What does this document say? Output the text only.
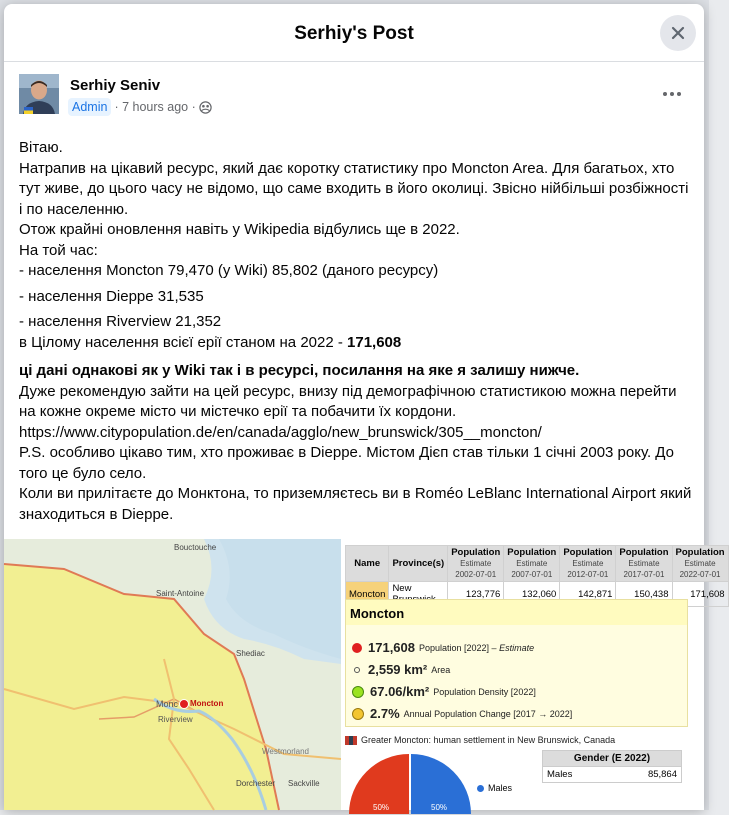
Serhiy's Post
Serhiy Seniv
Admin · 7 hours ago ·

Вітаю.

Натрапив на цікавий ресурс, який дає коротку статистику про Moncton Area. Для багатьох, хто тут живе, до цього часу не відомо, що саме входить в його околиці. Звісно нійбільші розбіжності і по населенню.

Отож крайні оновлення навіть у Wikipedia відбулись ще в 2022.

На той час:

- населення Moncton 79,470 (у Wiki) 85,802 (даного ресурсу)

- населення Dieppe 31,535

- населення Riverview 21,352

в Цілому населення всієї ерії станом на 2022 - 171,608

ці дані однакові як у Wiki так і в ресурсі, посилання на яке я залишу нижче.

Дуже рекомендую зайти на цей ресурс, внизу під демографічною статистикою можна перейти на кожне окреме місто чи містечко ерії та побачити їх кордони.

https://www.citypopulation.de/en/canada/agglo/new_brunswick/305__moncton/

P.S. особливо цікаво тим, хто проживає в Dieppe. Містом Дієп став тільки 1 січні 2003 року. До того це було село.

Коли ви прилітаєте до Монктона, то приземляєтесь ви в Roméo LeBlanc International Airport який знаходиться в Dieppe.

Bouctouche
Saint-Antoine
Shediac
Monc Moncton
Riverview
Westmorland
Dorchester Sackville
Name	Province(s)	Population
Estimate
2002-07-01	Population
Estimate
2007-07-01	Population
Estimate
2012-07-01	Population
Estimate
2017-07-01	Population
Estimate
2022-07-01

Moncton	New	123,776	132,060	142,871	150,438	171,608
Moncton
171,608 Population [2022] –
Estimate
2,559 km² Area
67.06/km² Population Density [2022]
2.7% Annual Population Change [2017 → 2022]
Greater Moncton: human settlement in New Brunswick, Canada
50%	50%
Males
Gender (E 2022)
Males	85,864
